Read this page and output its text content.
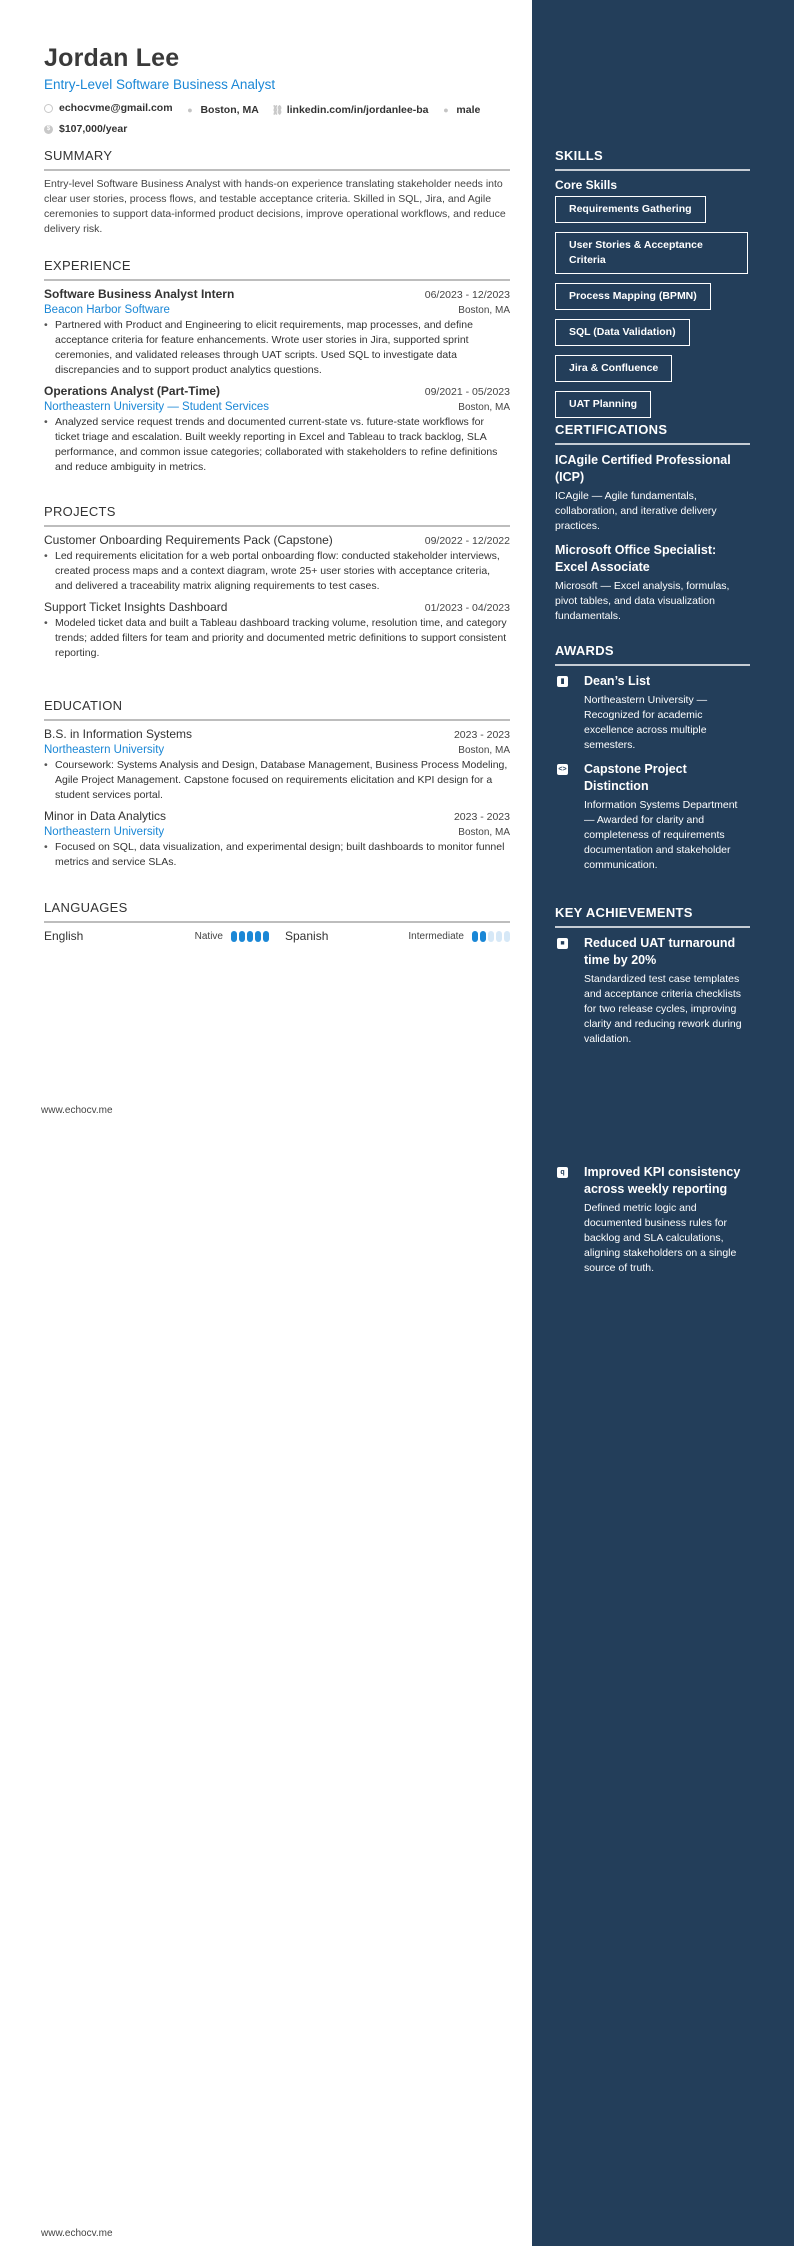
Jordan Lee
Entry-Level Software Business Analyst
echocvme@gmail.com
● Boston, MA
⛓ linkedin.com/in/jordanlee-ba
● male

$ $107,000/year
SUMMARY
Entry-level Software Business Analyst with hands-on experience translating stakeholder needs into clear user stories, process flows, and testable acceptance criteria. Skilled in SQL, Jira, and Agile ceremonies to support data-informed product decisions, improve operational workflows, and reduce delivery risk.
EXPERIENCE
Software Business Analyst Intern	06/2023 - 12/2023
Beacon Harbor Software	Boston, MA
• Partnered with Product and Engineering to elicit requirements, map processes, and define acceptance criteria for feature enhancements. Wrote user stories in Jira, supported sprint ceremonies, and validated releases through UAT scripts. Used SQL to investigate data discrepancies and to support product analytics questions.
Operations Analyst (Part-Time)	09/2021 - 05/2023
Northeastern University — Student Services	Boston, MA
• Analyzed service request trends and documented current-state vs. future-state workflows for ticket triage and escalation. Built weekly reporting in Excel and Tableau to track backlog, SLA performance, and common issue categories; collaborated with stakeholders to refine definitions and reduce ambiguity in metrics.
PROJECTS
Customer Onboarding Requirements Pack (Capstone)	09/2022 - 12/2022
• Led requirements elicitation for a web portal onboarding flow: conducted stakeholder interviews, created process maps and a context diagram, wrote 25+ user stories with acceptance criteria, and delivered a traceability matrix aligning requirements to test cases.
Support Ticket Insights Dashboard	01/2023 - 04/2023
• Modeled ticket data and built a Tableau dashboard tracking volume, resolution time, and category trends; added filters for team and priority and documented metric definitions to support consistent reporting.
EDUCATION
B.S. in Information Systems	2023 - 2023
Northeastern University	Boston, MA
• Coursework: Systems Analysis and Design, Database Management, Business Process Modeling, Agile Project Management. Capstone focused on requirements elicitation and KPI design for a student services portal.
Minor in Data Analytics	2023 - 2023
Northeastern University	Boston, MA
• Focused on SQL, data visualization, and experimental design; built dashboards to monitor funnel metrics and service SLAs.
LANGUAGES
English	Native	Spanish	Intermediate
www.echocv.me
www.echocv.me
SKILLS
Core Skills
Requirements Gathering
User Stories & Acceptance Criteria
Process Mapping (BPMN)
SQL (Data Validation)
Jira & Confluence
UAT Planning
CERTIFICATIONS
ICAgile Certified Professional (ICP)
ICAgile — Agile fundamentals, collaboration, and iterative delivery practices.
Microsoft Office Specialist: Excel Associate
Microsoft — Excel analysis, formulas, pivot tables, and data visualization fundamentals.
AWARDS
▮ Dean’s List
Northeastern University — Recognized for academic excellence across multiple semesters.
<> Capstone Project Distinction
Information Systems Department — Awarded for clarity and completeness of requirements documentation and stakeholder communication.
KEY ACHIEVEMENTS
■ Reduced UAT turnaround time by 20%
Standardized test case templates and acceptance criteria checklists for two release cycles, improving clarity and reducing rework during validation.
q Improved KPI consistency across weekly reporting
Defined metric logic and documented business rules for backlog and SLA calculations, aligning stakeholders on a single source of truth.
